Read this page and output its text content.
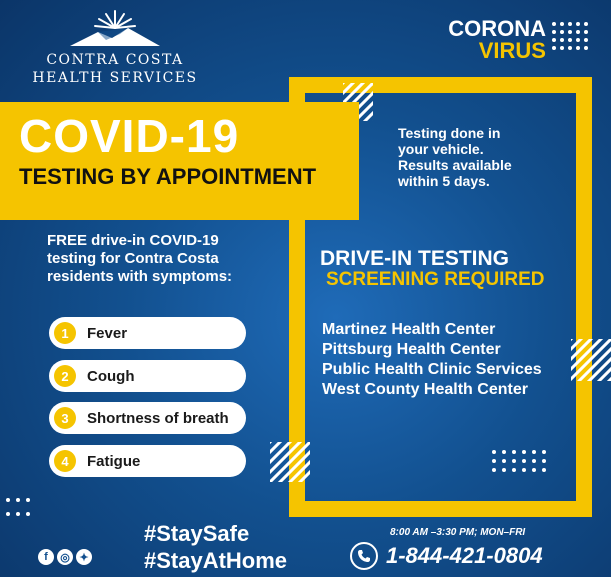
CONTRA COSTA
HEALTH SERVICES
CORONA
VIRUS
COVID-19
TESTING BY APPOINTMENT
Testing done in
your vehicle.
Results available
within 5 days.
FREE drive-in COVID-19
testing for Contra Costa
residents with symptoms:
1	Fever
2	Cough
3	Shortness of breath
4	Fatigue
DRIVE-IN TESTING
SCREENING REQUIRED
Martinez Health Center
Pittsburg Health Center
Public Health Clinic Services
West County Health Center
#StaySafe
#StayAtHome
f	◎ ✦
8:00 AM –3:30 PM; MON–FRI
1-844-421-0804
